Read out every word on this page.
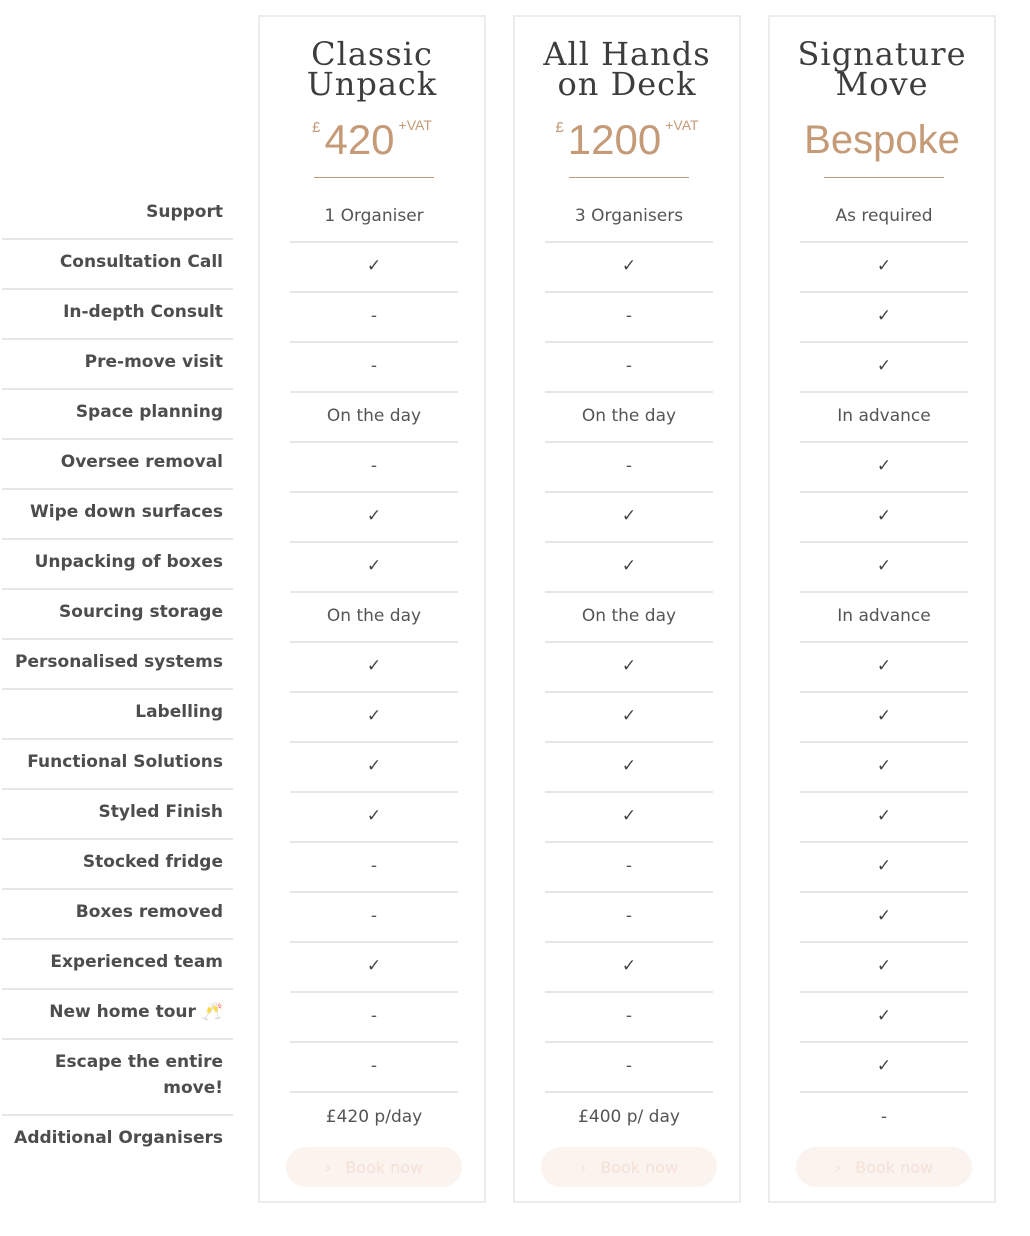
Support
Consultation Call
In-depth Consult
Pre-move visit
Space planning
Oversee removal
Wipe down surfaces
Unpacking of boxes
Sourcing storage
Personalised systems
Labelling
Functional Solutions
Styled Finish
Stocked fridge
Boxes removed
Experienced team
New home tour 🥂
Escape the entire move!
Additional Organisers
Classic
Unpack
£420 +VAT
1 Organiser
✓
-
-
On the day
-
✓
✓
On the day
✓
✓
✓
✓
-
-
✓
-
-
£420 p/day
› Book now
All Hands
on Deck
£1200 +VAT
3 Organisers
✓
-
-
On the day
-
✓
✓
On the day
✓
✓
✓
✓
-
-
✓
-
-
£400 p/ day
› Book now
Signature
Move
Bespoke
As required
✓
✓
✓
In advance
✓
✓
✓
In advance
✓
✓
✓
✓
✓
✓
✓
✓
✓
-
› Book now
